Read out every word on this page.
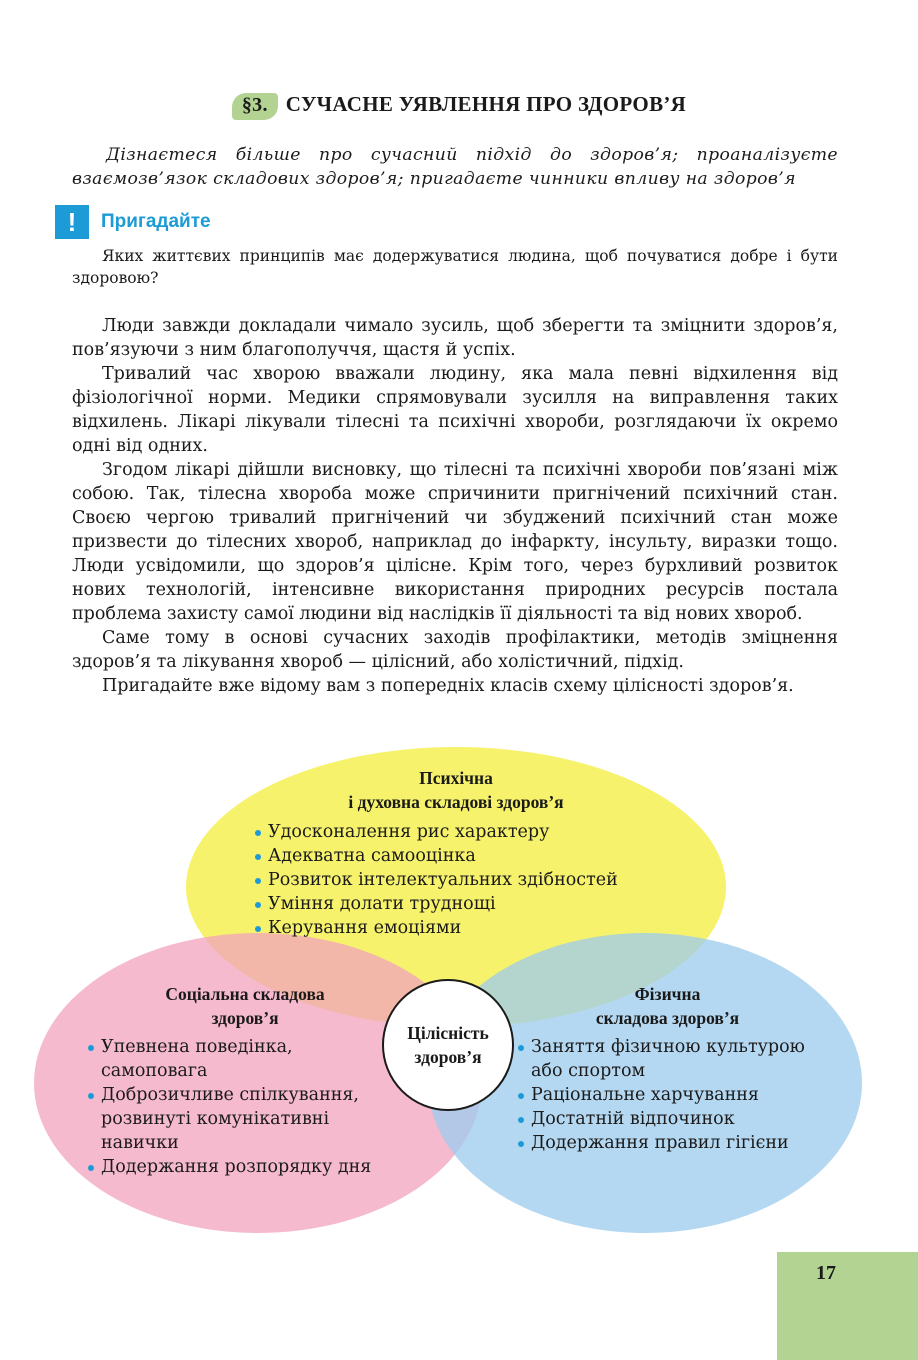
§3. СУЧАСНЕ УЯВЛЕННЯ ПРО ЗДОРОВ’Я

Дізнаєтеся більше про сучасний підхід до здоров’я; проаналізуєте взаємозв’язок складових здоров’я; пригадаєте чинники впливу на здоров’я

!	Пригадайте

Яких життєвих принципів має додержуватися людина, щоб почуватися добре і бути здоровою?

Люди завжди докладали чимало зусиль, щоб зберегти та зміцнити здоров’я, пов’язуючи з ним благополуччя, щастя й успіх.

Тривалий час хворою вважали людину, яка мала певні відхилення від фізіологічної норми. Медики спрямовували зусилля на виправлення таких відхилень. Лікарі лікували тілесні та психічні хвороби, розглядаючи їх окремо одні від одних.

Згодом лікарі дійшли висновку, що тілесні та психічні хвороби пов’язані між собою. Так, тілесна хвороба може спричинити пригнічений психічний стан. Своєю чергою тривалий пригнічений чи збуджений психічний стан може призвести до тілесних хвороб, наприклад до інфаркту, інсульту, виразки тощо. Люди усвідомили, що здоров’я цілісне. Крім того, через бурхливий розвиток нових технологій, інтенсивне використання природних ресурсів постала проблема захисту самої людини від наслідків її діяльності та від нових хвороб.

Саме тому в основі сучасних заходів профілактики, методів зміцнення здоров’я та лікування хвороб — цілісний, або холістичний, підхід.

Пригадайте вже відому вам з попередніх класів схему цілісності здоров’я.

Психічна
і духовна складові здоров’я
Удосконалення рис характеру
Адекватна самооцінка
Розвиток інтелектуальних здібностей
Уміння долати труднощі
Керування емоціями
Соціальна складова
здоров’я
Упевнена поведінка, самоповага
Доброзичливе спілкування, розвинуті комунікативні навички
Додержання розпорядку дня
Фізична
складова здоров’я
Заняття фізичною культурою або спортом
Раціональне харчування
Достатній відпочинок
Додержання правил гігієни
Цілісність
здоров’я
17
